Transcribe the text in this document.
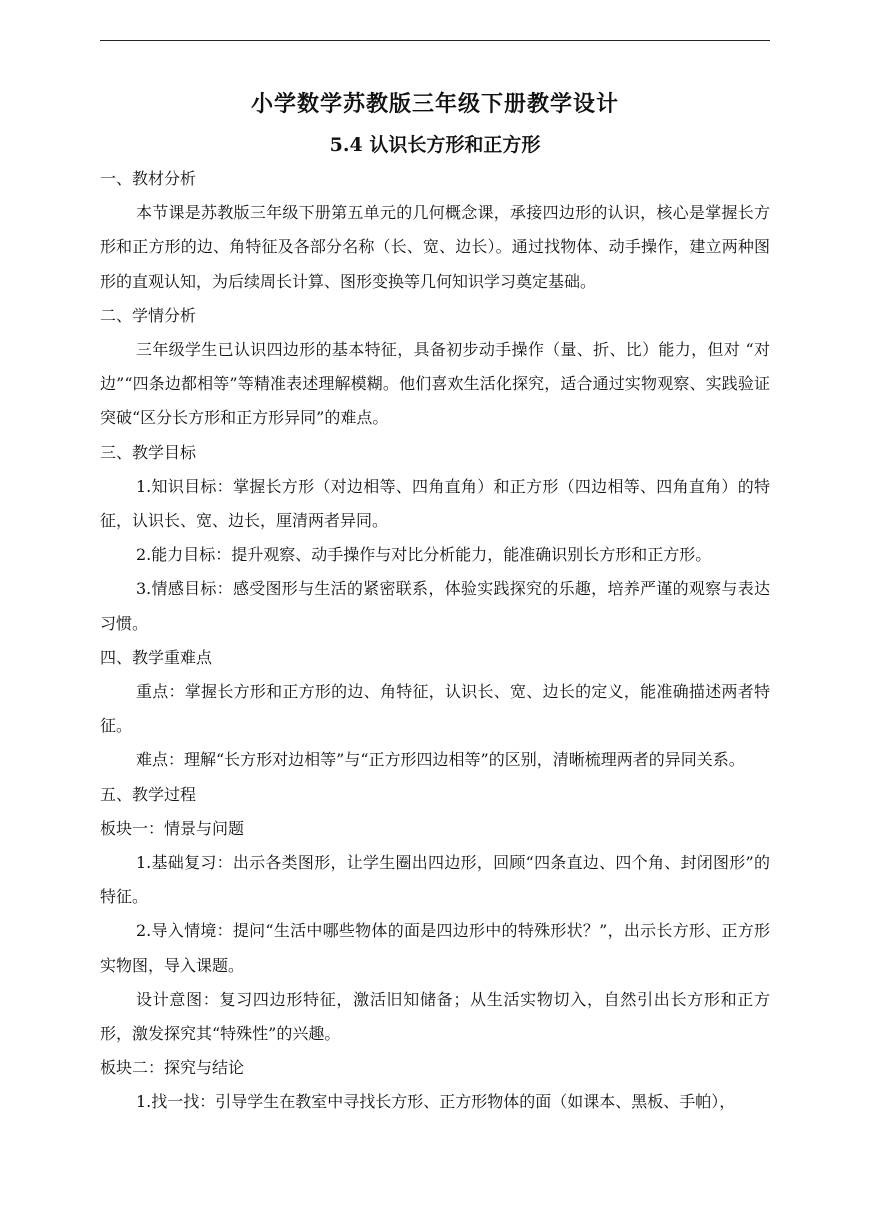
小学数学苏教版三年级下册教学设计
5.4 认识长方形和正方形

一、教材分析

本节课是苏教版三年级下册第五单元的几何概念课，承接四边形的认识，核心是掌握长方形和正方形的边、角特征及各部分名称（长、宽、边长）。通过找物体、动手操作，建立两种图形的直观认知，为后续周长计算、图形变换等几何知识学习奠定基础。

二、学情分析

三年级学生已认识四边形的基本特征，具备初步动手操作（量、折、比）能力，但对 “对边”“四条边都相等”等精准表述理解模糊。他们喜欢生活化探究，适合通过实物观察、实践验证突破“区分长方形和正方形异同”的难点。

三、教学目标

1.知识目标：掌握长方形（对边相等、四角直角）和正方形（四边相等、四角直角）的特征，认识长、宽、边长，厘清两者异同。

2.能力目标：提升观察、动手操作与对比分析能力，能准确识别长方形和正方形。

3.情感目标：感受图形与生活的紧密联系，体验实践探究的乐趣，培养严谨的观察与表达习惯。

四、教学重难点

重点：掌握长方形和正方形的边、角特征，认识长、宽、边长的定义，能准确描述两者特征。

难点：理解“长方形对边相等”与“正方形四边相等”的区别，清晰梳理两者的异同关系。

五、教学过程

板块一：情景与问题

1.基础复习：出示各类图形，让学生圈出四边形，回顾“四条直边、四个角、封闭图形”的特征。

2.导入情境：提问“生活中哪些物体的面是四边形中的特殊形状？”，出示长方形、正方形实物图，导入课题。

设计意图：复习四边形特征，激活旧知储备；从生活实物切入，自然引出长方形和正方形，激发探究其“特殊性”的兴趣。

板块二：探究与结论

1.找一找：引导学生在教室中寻找长方形、正方形物体的面（如课本、黑板、手帕），
